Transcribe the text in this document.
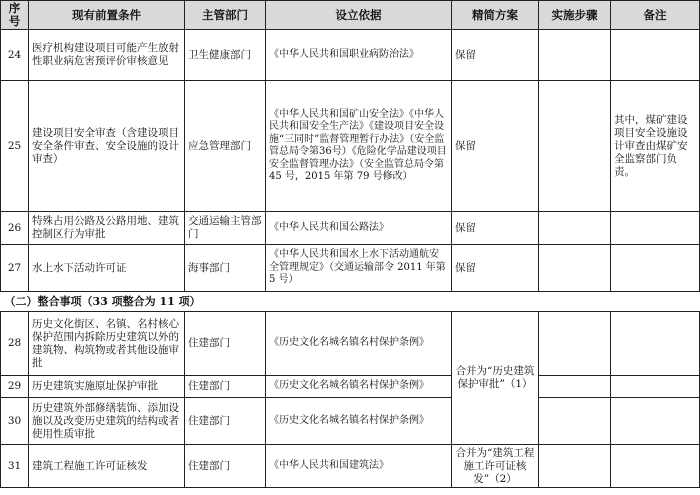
序号	现有前置条件	主管部门	设立依据	精简方案	实施步骤	备注
24	医疗机构建设项目可能产生放射性职业病危害预评价审核意见	卫生健康部门	《中华人民共和国职业病防治法》	保留		
25	建设项目安全审查（含建设项目安全条件审查、安全设施的设计审查）	应急管理部门	《中华人民共和国矿山安全法》《中华人民共和国安全生产法》《建设项目安全设施“三同时”监督管理暂行办法》（安全监管总局令第36号）《危险化学品建设项目安全监督管理办法》（安全监管总局令第 45 号，2015 年第 79 号修改）	保留		其中，煤矿建设项目安全设施设计审查由煤矿安全监察部门负责。
26	特殊占用公路及公路用地、建筑控制区行为审批	交通运输主管部门	《中华人民共和国公路法》	保留		
27	水上水下活动许可证	海事部门	《中华人民共和国水上水下活动通航安全管理规定》（交通运输部令 2011 年第 5 号）	保留		
（二）整合事项（33 项整合为 11 项）						
28	历史文化街区、名镇、名村核心保护范围内拆除历史建筑以外的建筑物、构筑物或者其他设施审批	住建部门	《历史文化名城名镇名村保护条例》	合并为“历史建筑保护审批”（1）		
29	历史建筑实施原址保护审批	住建部门	《历史文化名城名镇名村保护条例》			
30	历史建筑外部修缮装饰、添加设施以及改变历史建筑的结构或者使用性质审批	住建部门	《历史文化名城名镇名村保护条例》			
31	建筑工程施工许可证核发	住建部门	《中华人民共和国建筑法》	合并为“建筑工程施工许可证核发”（2）		
